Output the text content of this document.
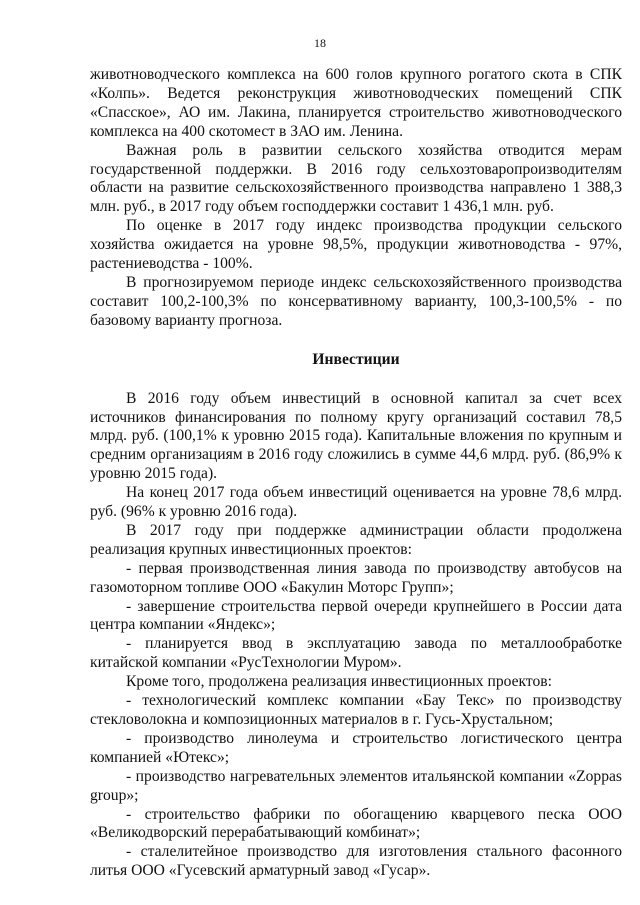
18

животноводческого комплекса на 600 голов крупного рогатого скота в СПК «Колпь». Ведется реконструкция животноводческих помещений СПК «Спасское», АО им. Лакина, планируется строительство животноводческого комплекса на 400 скотомест в ЗАО им. Ленина.

Важная роль в развитии сельского хозяйства отводится мерам государственной поддержки. В 2016 году сельхозтоваропроизводителям области на развитие сельскохозяйственного производства направлено 1 388,3 млн. руб., в 2017 году объем господдержки составит 1 436,1 млн. руб.

По оценке в 2017 году индекс производства продукции сельского хозяйства ожидается на уровне 98,5%, продукции животноводства - 97%, растениеводства - 100%.

В прогнозируемом периоде индекс сельскохозяйственного производства составит 100,2-100,3% по консервативному варианту, 100,3-100,5% - по базовому варианту прогноза.

Инвестиции

В 2016 году объем инвестиций в основной капитал за счет всех источников финансирования по полному кругу организаций составил 78,5 млрд. руб. (100,1% к уровню 2015 года). Капитальные вложения по крупным и средним организациям в 2016 году сложились в сумме 44,6 млрд. руб. (86,9% к уровню 2015 года).

На конец 2017 года объем инвестиций оценивается на уровне 78,6 млрд. руб. (96% к уровню 2016 года).

В 2017 году при поддержке администрации области продолжена реализация крупных инвестиционных проектов:

- первая производственная линия завода по производству автобусов на газомоторном топливе ООО «Бакулин Моторс Групп»;

- завершение строительства первой очереди крупнейшего в России дата центра компании «Яндекс»;

- планируется ввод в эксплуатацию завода по металлообработке китайской компании «РусТехнологии Муром».

Кроме того, продолжена реализация инвестиционных проектов:

- технологический комплекс компании «Бау Текс» по производству стекловолокна и композиционных материалов в г. Гусь-Хрустальном;

- производство линолеума и строительство логистического центра компанией «Ютекс»;

- производство нагревательных элементов итальянской компании «Zoppas group»;

- строительство фабрики по обогащению кварцевого песка ООО «Великодворский перерабатывающий комбинат»;

- сталелитейное производство для изготовления стального фасонного литья ООО «Гусевский арматурный завод «Гусар».
